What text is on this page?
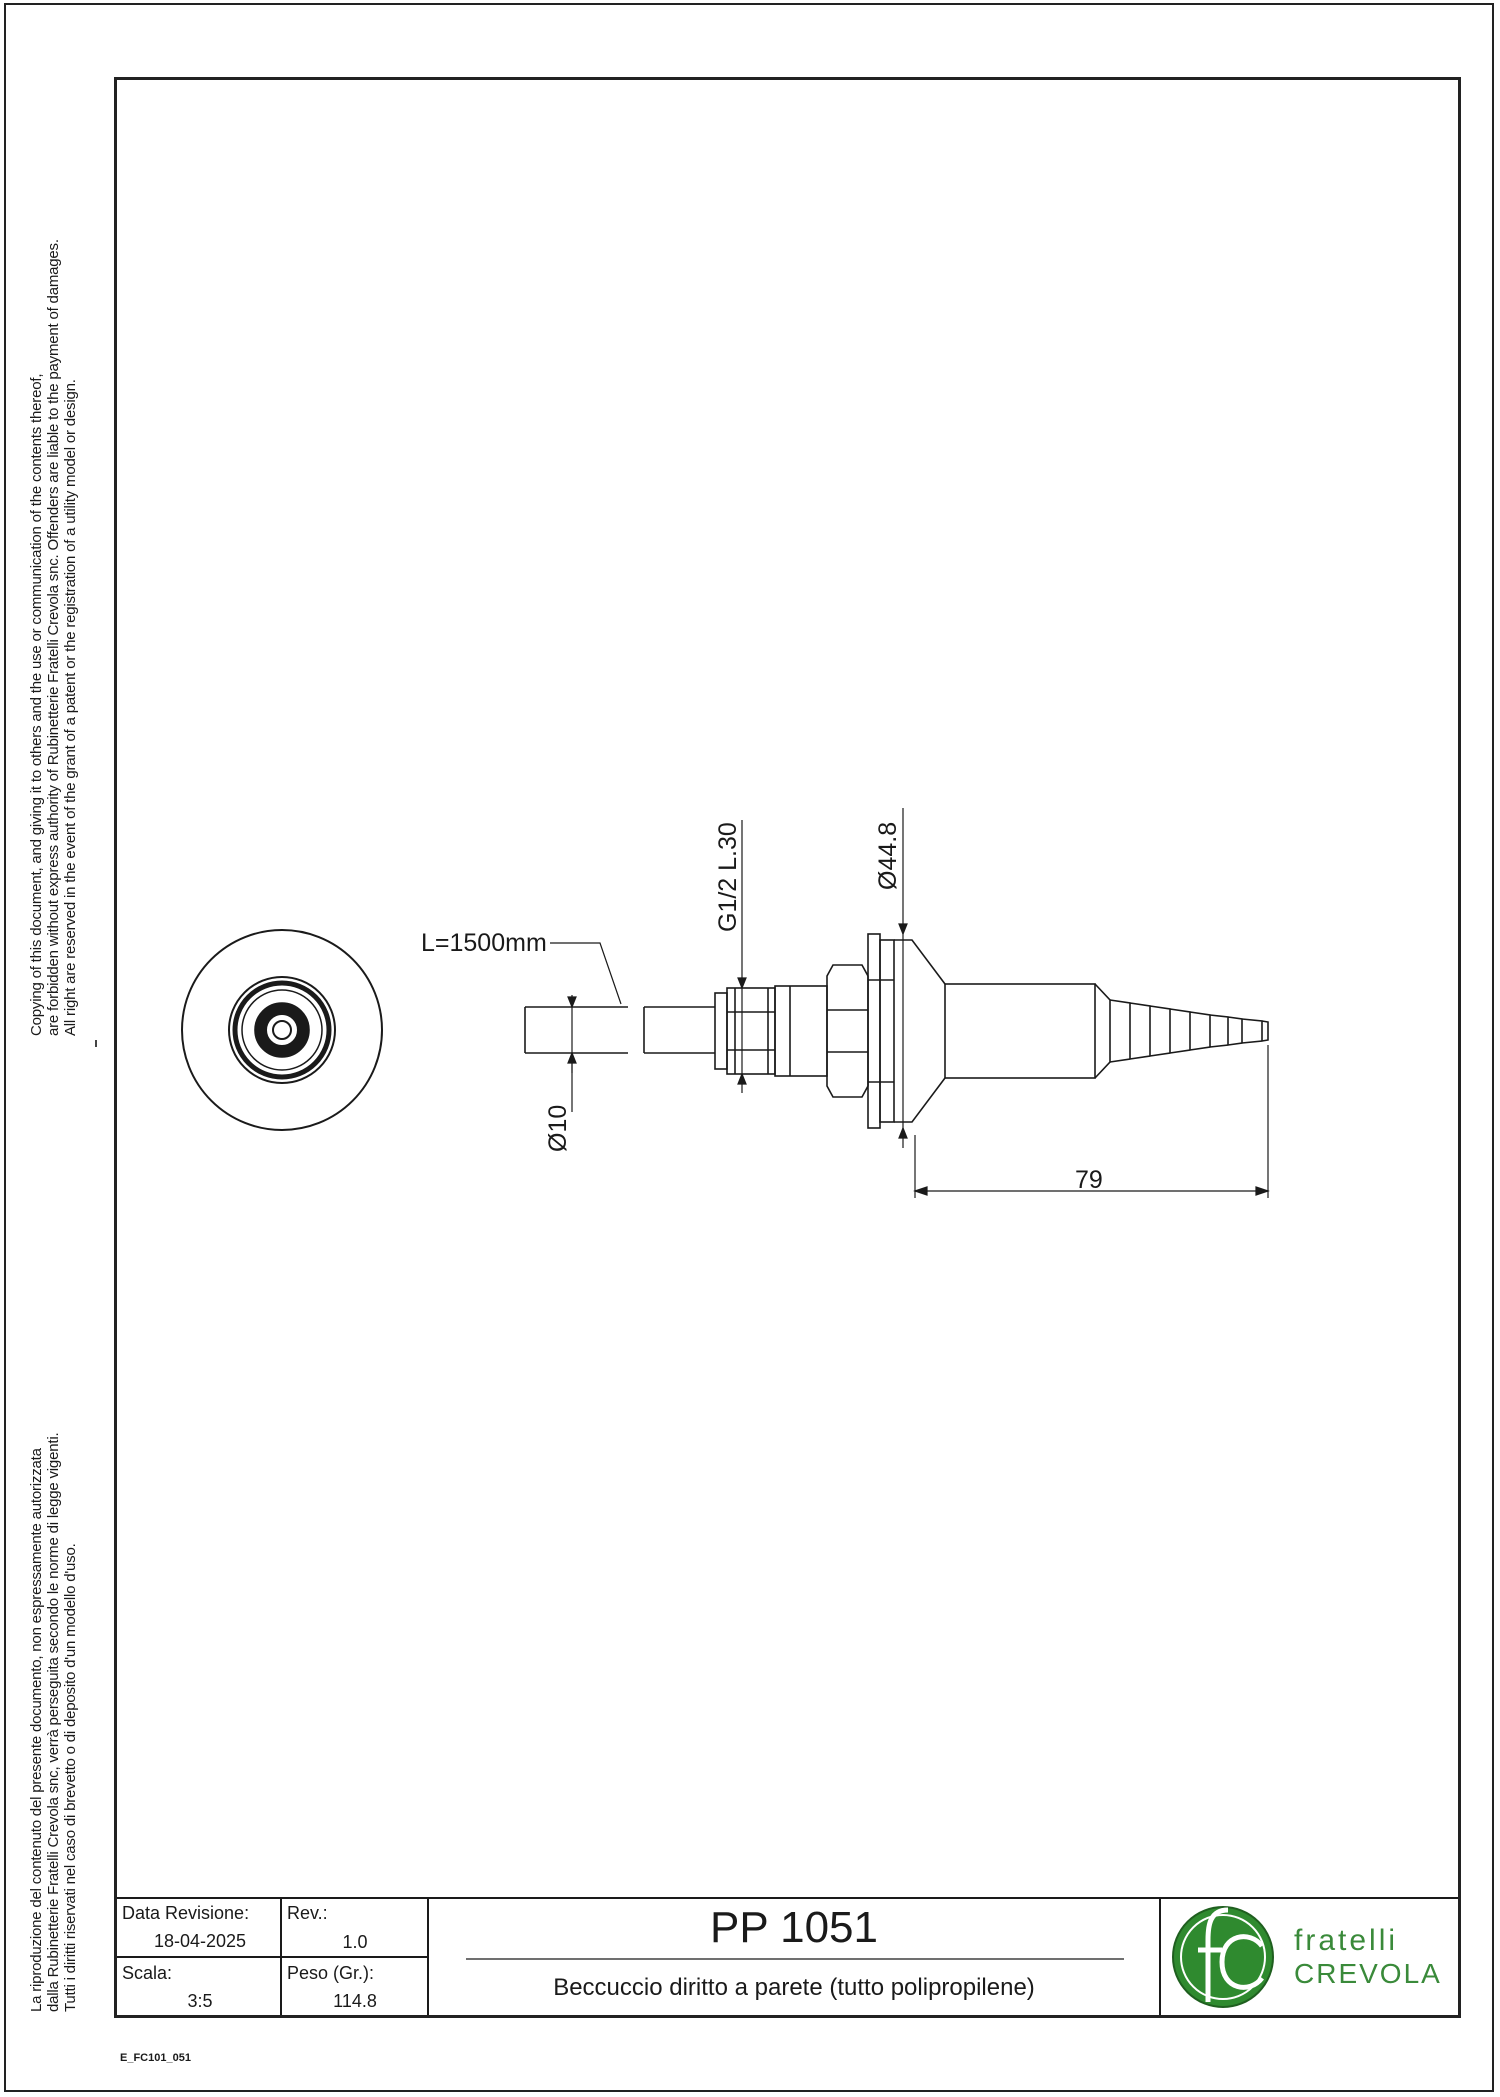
Copying of this document, and giving it to others and the use or communication of the contents thereof, are forbidden without express authority of Rubinetterie Fratelli Crevola snc. Offenders are liable to the payment of damages. All right are reserved in the event of the grant of a patent or the registration of a utility model or design.
La riproduzione del contenuto del presente documento, non espressamente autorizzata dalla Rubinetterie Fratelli Crevola snc, verrà perseguita secondo le norme di legge vigenti. Tutti i diritti riservati nel caso di brevetto o di deposito d'un modello d'uso.
L=1500mm
79
Ø10
G1/2 L.30	Ø44.8
fratelli
CREVOLA
Data Revisione:
18-04-2025
Rev.:
1.0
Scala:
3:5
Peso (Gr.):
114.8
PP 1051
Beccuccio diritto a parete (tutto polipropilene)
E_FC101_051
